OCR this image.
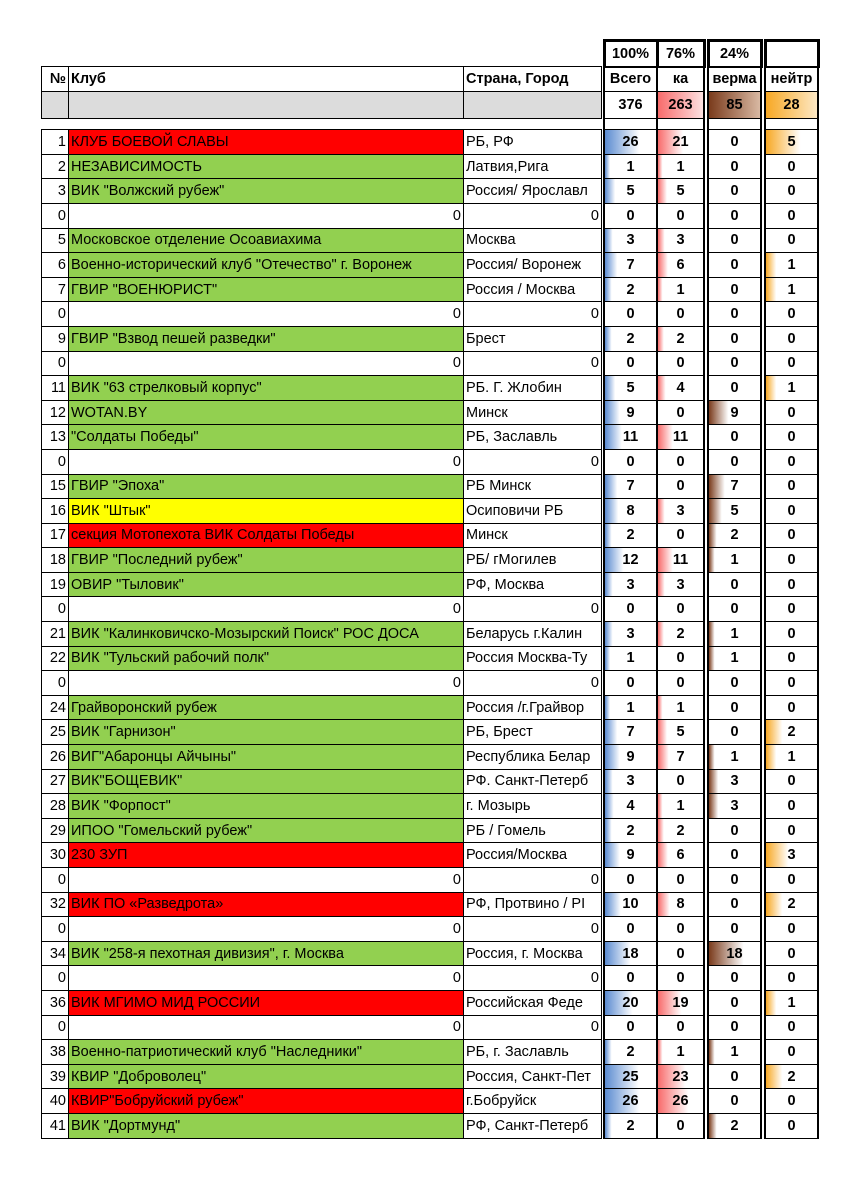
				100%	76%		24%		
№	Клуб	Страна, Город		Всего	ка		верма		нейтр
				376	263		85		28

1	КЛУБ БОЕВОЙ СЛАВЫ	РБ, РФ		26	21		0		5
2	НЕЗАВИСИМОСТЬ	Латвия,Рига		1	1		0		0
3	ВИК "Волжский рубеж"	Россия/ Ярославл		5	5		0		0
0	0	0		0	0		0		0
5	Московское отделение Осоавиахима	Москва		3	3		0		0
6	Военно-исторический клуб "Отечество" г. Воронеж	Россия/ Воронеж		7	6		0		1
7	ГВИР "ВОЕНЮРИСТ"	Россия / Москва		2	1		0		1
0	0	0		0	0		0		0
9	ГВИР "Взвод пешей разведки"	Брест		2	2		0		0
0	0	0		0	0		0		0
11	ВИК "63 стрелковый корпус"	РБ. Г. Жлобин		5	4		0		1
12	WOTAN.BY	Минск		9	0		9		0
13	"Солдаты Победы"	РБ, Заславль		11	11		0		0
0	0	0		0	0		0		0
15	ГВИР "Эпоха"	РБ Минск		7	0		7		0
16	ВИК "Штык"	Осиповичи РБ		8	3		5		0
17	секция Мотопехота ВИК Солдаты Победы	Минск		2	0		2		0
18	ГВИР "Последний рубеж"	РБ/ гМогилев		12	11		1		0
19	ОВИР "Тыловик"	РФ, Москва		3	3		0		0
0	0	0		0	0		0		0
21	ВИК "Калинковичско-Мозырский Поиск" РОС ДОСА	Беларусь г.Калин		3	2		1		0
22	ВИК "Тульский рабочий полк"	Россия Москва-Ту		1	0		1		0
0	0	0		0	0		0		0
24	Грайворонский рубеж	Россия /г.Грайвор		1	1		0		0
25	ВИК "Гарнизон"	РБ, Брест		7	5		0		2
26	ВИГ"Абаронцы Айчыны"	Республика Белар		9	7		1		1
27	ВИК"БОЩЕВИК"	РФ. Санкт-Петерб		3	0		3		0
28	ВИК "Форпост"	г. Мозырь		4	1		3		0
29	ИПОО "Гомельский рубеж"	РБ / Гомель		2	2		0		0
30	230 ЗУП	Россия/Москва		9	6		0		3
0	0	0		0	0		0		0
32	ВИК ПО «Разведрота»	РФ, Протвино / РІ		10	8		0		2
0	0	0		0	0		0		0
34	ВИК "258-я пехотная дивизия", г. Москва	Россия, г. Москва		18	0		18		0
0	0	0		0	0		0		0
36	ВИК МГИМО МИД РОССИИ	Российская Феде		20	19		0		1
0	0	0		0	0		0		0
38	Военно-патриотический клуб "Наследники"	РБ, г. Заславль		2	1		1		0
39	КВИР "Доброволец"	Россия, Санкт-Пет		25	23		0		2
40	КВИР"Бобруйский рубеж"	г.Бобруйск		26	26		0		0
41	ВИК "Дортмунд"	РФ, Санкт-Петерб		2	0		2		0
